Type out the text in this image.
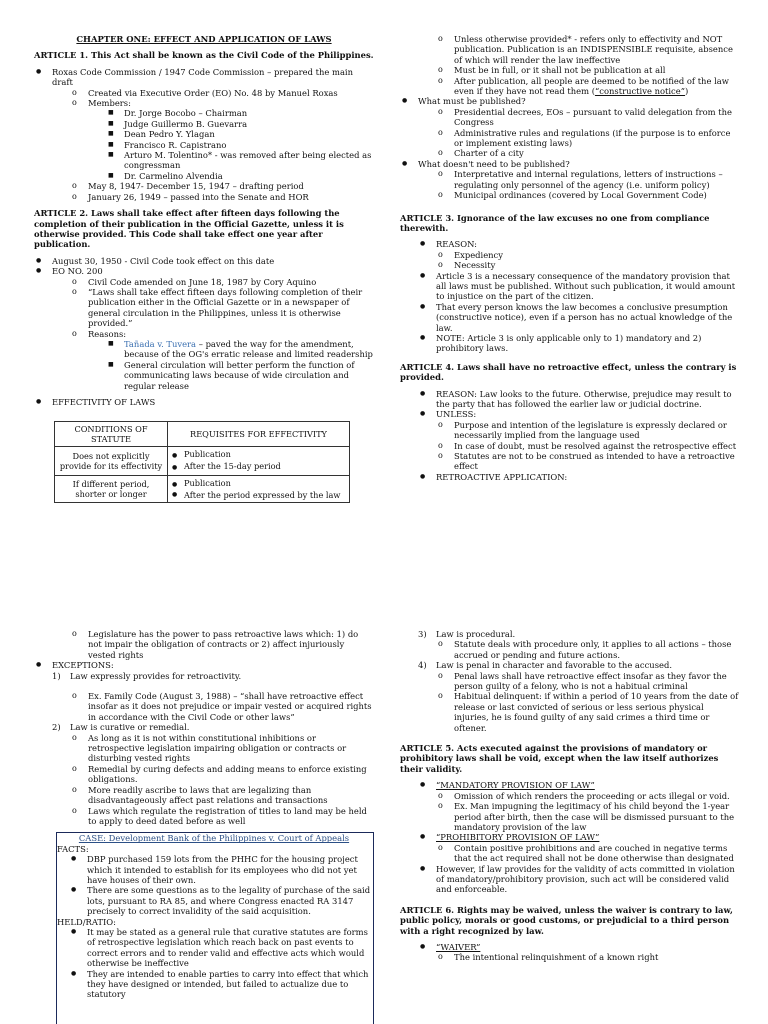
CHAPTER ONE: EFFECT AND APPLICATION OF LAWS

ARTICLE 1. This Act shall be known as the Civil Code of the Philippines.

● Roxas Code Commission / 1947 Code Commission – prepared the main draft
o Created via Executive Order (EO) No. 48 by Manuel Roxas
o Members:
■ Dr. Jorge Bocobo – Chairman
■ Judge Guillermo B. Guevarra
■ Dean Pedro Y. Ylagan
■ Francisco R. Capistrano
■ Arturo M. Tolentino* - was removed after being elected as congressman
■ Dr. Carmelino Alvendia
o May 8, 1947- December 15, 1947 – drafting period
o January 26, 1949 – passed into the Senate and HOR

ARTICLE 2. Laws shall take effect after fifteen days following the completion of their publication in the Official Gazette, unless it is otherwise provided. This Code shall take effect one year after publication.

● August 30, 1950 - Civil Code took effect on this date
● EO NO. 200
o Civil Code amended on June 18, 1987 by Cory Aquino
o “Laws shall take effect fifteen days following completion of their publication either in the Official Gazette or in a newspaper of general circulation in the Philippines, unless it is otherwise provided.”
o Reasons:
■ Tañada v. Tuvera – paved the way for the amendment, because of the OG's erratic release and limited readership
■ General circulation will better perform the function of communicating laws because of wide circulation and regular release
● EFFECTIVITY OF LAWS
CONDITIONS OF STATUTE	REQUISITES FOR EFFECTIVITY
Does not explicitly provide for its effectivity	● Publication
● After the 15-day period

If different period, shorter or longer	● Publication
● After the period expressed by the law
o Unless otherwise provided* - refers only to effectivity and NOT publication. Publication is an INDISPENSIBLE requisite, absence of which will render the law ineffective
o Must be in full, or it shall not be publication at all
o After publication, all people are deemed to be notified of the law even if they have not read them (“constructive notice”)
● What must be published?
o Presidential decrees, EOs – pursuant to valid delegation from the Congress
o Administrative rules and regulations (if the purpose is to enforce or implement existing laws)
o Charter of a city
● What doesn't need to be published?
o Interpretative and internal regulations, letters of instructions – regulating only personnel of the agency (i.e. uniform policy)
o Municipal ordinances (covered by Local Government Code)

ARTICLE 3. Ignorance of the law excuses no one from compliance therewith.

● REASON:
o Expediency
o Necessity
● Article 3 is a necessary consequence of the mandatory provision that all laws must be published. Without such publication, it would amount to injustice on the part of the citizen.
● That every person knows the law becomes a conclusive presumption (constructive notice), even if a person has no actual knowledge of the law.
● NOTE: Article 3 is only applicable only to 1) mandatory and 2) prohibitory laws.

ARTICLE 4. Laws shall have no retroactive effect, unless the contrary is provided.

● REASON: Law looks to the future. Otherwise, prejudice may result to the party that has followed the earlier law or judicial doctrine.
● UNLESS:
o Purpose and intention of the legislature is expressly declared or necessarily implied from the language used
o In case of doubt, must be resolved against the retrospective effect
o Statutes are not to be construed as intended to have a retroactive effect
● RETROACTIVE APPLICATION:
o Legislature has the power to pass retroactive laws which: 1) do not impair the obligation of contracts or 2) affect injuriously vested rights
● EXCEPTIONS:
1) Law expressly provides for retroactivity.
o Ex. Family Code (August 3, 1988) – “shall have retroactive effect insofar as it does not prejudice or impair vested or acquired rights in accordance with the Civil Code or other laws”
2) Law is curative or remedial.
o As long as it is not within constitutional inhibitions or retrospective legislation impairing obligation or contracts or disturbing vested rights
o Remedial by curing defects and adding means to enforce existing obligations.
o More readily ascribe to laws that are legalizing than disadvantageously affect past relations and transactions
o Laws which regulate the registration of titles to land may be held to apply to deed dated before as well

CASE: Development Bank of the Philippines v. Court of Appeals

FACTS:

● DBP purchased 159 lots from the PHHC for the housing project which it intended to establish for its employees who did not yet have houses of their own.
● There are some questions as to the legality of purchase of the said lots, pursuant to RA 85, and where Congress enacted RA 3147 precisely to correct invalidity of the said acquisition.

HELD/RATIO:

● It may be stated as a general rule that curative statutes are forms of retrospective legislation which reach back on past events to correct errors and to render valid and effective acts which would otherwise be ineffective
● They are intended to enable parties to carry into effect that which they have designed or intended, but failed to actualize due to statutory
3) Law is procedural.
o Statute deals with procedure only, it applies to all actions – those accrued or pending and future actions.
4) Law is penal in character and favorable to the accused.
o Penal laws shall have retroactive effect insofar as they favor the person guilty of a felony, who is not a habitual criminal
o Habitual delinquent: if within a period of 10 years from the date of release or last convicted of serious or less serious physical injuries, he is found guilty of any said crimes a third time or oftener.

ARTICLE 5. Acts executed against the provisions of mandatory or prohibitory laws shall be void, except when the law itself authorizes their validity.

● “MANDATORY PROVISION OF LAW”
o Omission of which renders the proceeding or acts illegal or void.
o Ex. Man impugning the legitimacy of his child beyond the 1-year period after birth, then the case will be dismissed pursuant to the mandatory provision of the law
● “PROHIBITORY PROVISION OF LAW”
o Contain positive prohibitions and are couched in negative terms that the act required shall not be done otherwise than designated
● However, if law provides for the validity of acts committed in violation of mandatory/prohibitory provision, such act will be considered valid and enforceable.

ARTICLE 6. Rights may be waived, unless the waiver is contrary to law, public policy, morals or good customs, or prejudicial to a third person with a right recognized by law.

● “WAIVER”
o The intentional relinquishment of a known right
